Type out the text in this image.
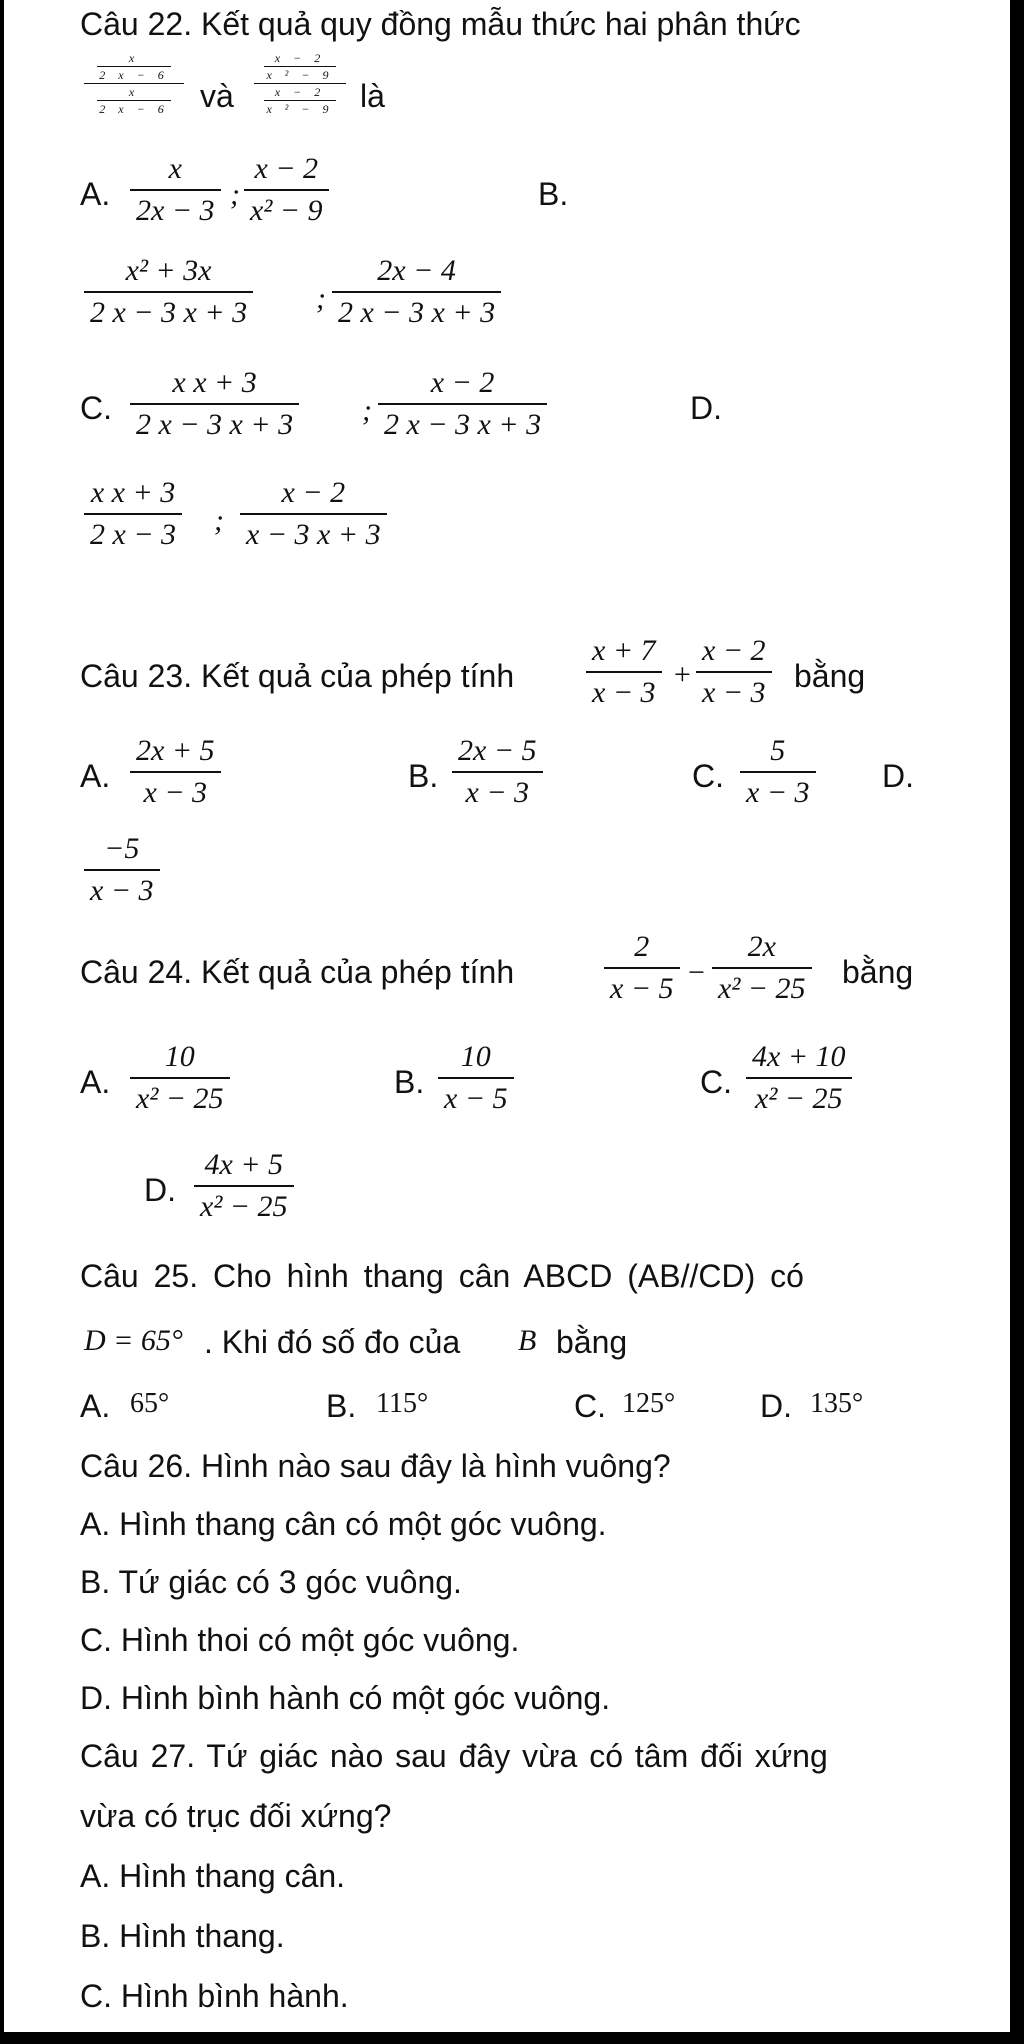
Câu 22. Kết quả quy đồng mẫu thức hai phân thức
x
2 x − 6
x
2 x − 6 và
x − 2
x ² − 9
x − 2
x ² − 9 là
A.
x
2x − 3 ;
x − 2
x² − 9	B.
x² + 3x
2 x − 3 x + 3 ;
2x − 4
2 x − 3 x + 3
C.
x x + 3
2 x − 3 x + 3 ;
x − 2
2 x − 3 x + 3	D.
x x + 3
2 x − 3 ;
x − 2
x − 3 x + 3
Câu 23. Kết quả của phép tính
x + 7
x − 3
+
x − 2
x − 3 bằng
A.
2x + 5
x − 3	B.
2x − 5
x − 3	C.
5
x − 3 D.
−5
x − 3
Câu 24. Kết quả của phép tính
2
x − 5 −
2x
x² − 25 bằng
A.
10
x² − 25	B.
10
x − 5	C.
4x + 10
x² − 25
D.
4x + 5
x² − 25
Câu 25. Cho hình thang cân ABCD (AB//CD) có
D = 65° . Khi đó số đo của B bằng
A. 65°	B. 115°	C. 125°	D. 135°
Câu 26. Hình nào sau đây là hình vuông?
A. Hình thang cân có một góc vuông.
B. Tứ giác có 3 góc vuông.
C. Hình thoi có một góc vuông.
D. Hình bình hành có một góc vuông.
Câu 27. Tứ giác nào sau đây vừa có tâm đối xứng
vừa có trục đối xứng?
A. Hình thang cân.
B. Hình thang.
C. Hình bình hành.
